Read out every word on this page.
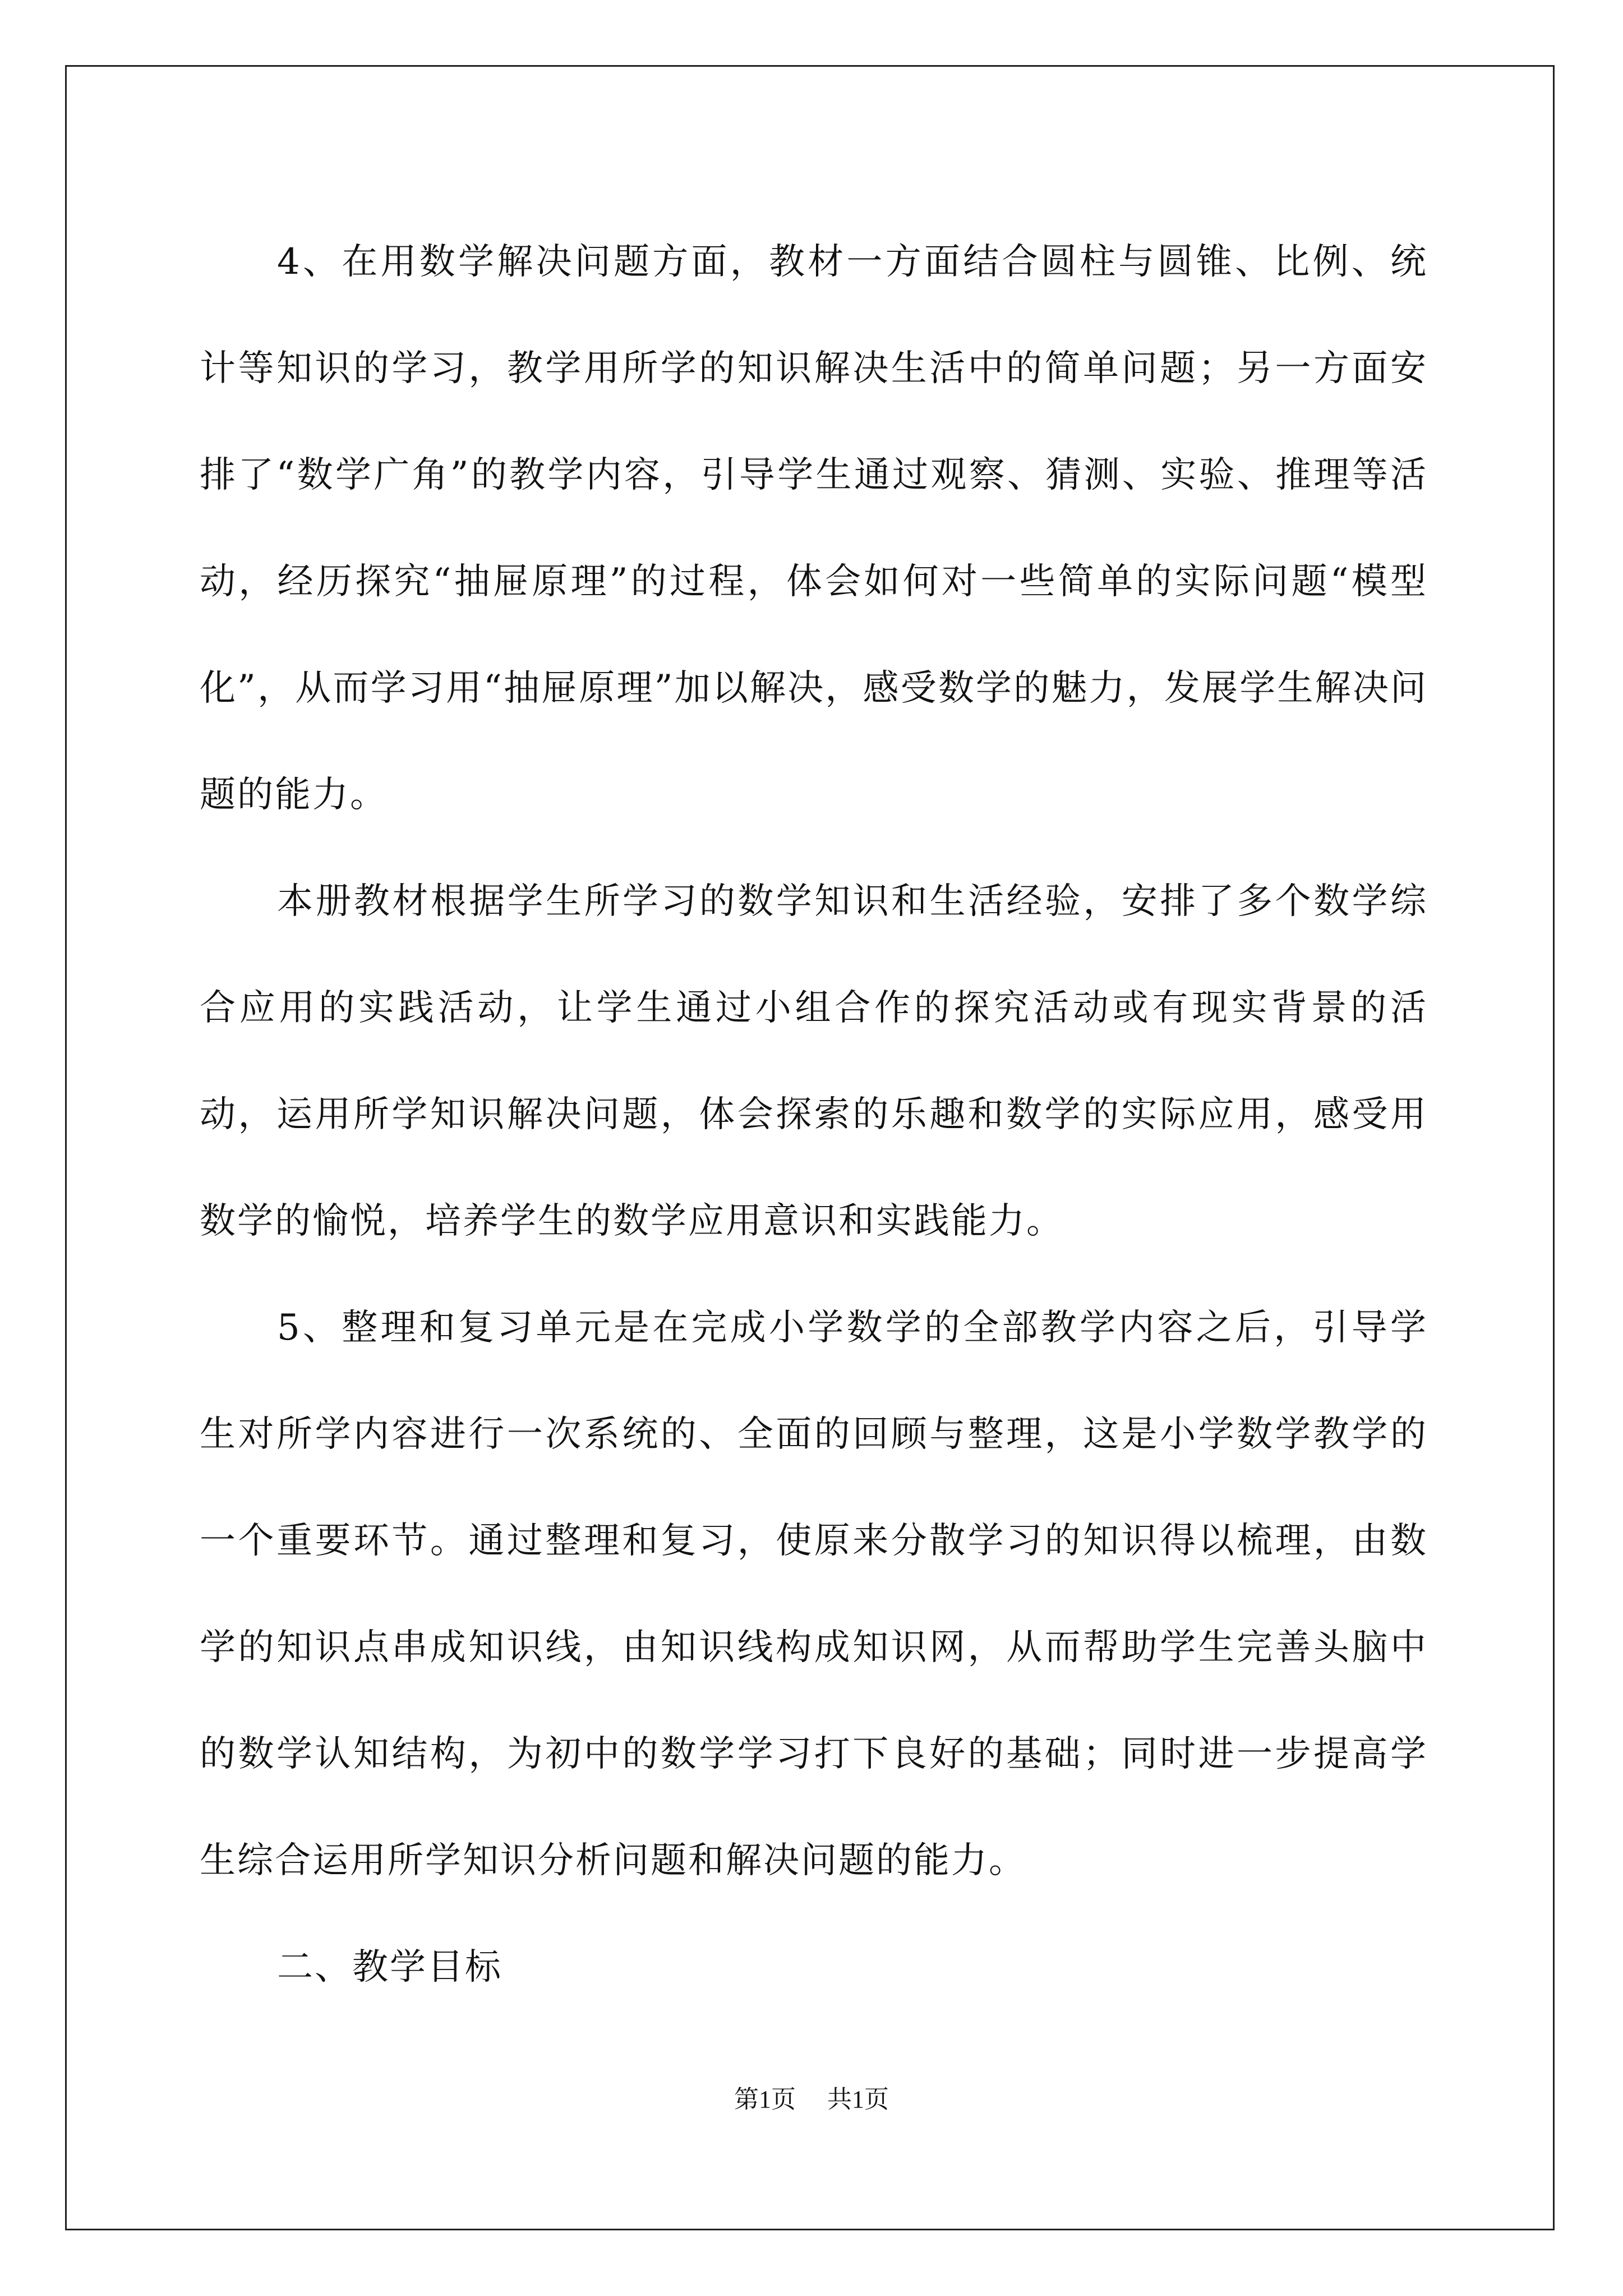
4、在用数学解决问题方面，教材一方面结合圆柱与圆锥、比例、统计等知识的学习，教学用所学的知识解决生活中的简单问题；另一方面安排了“数学广角”的教学内容，引导学生通过观察、猜测、实验、推理等活动，经历探究“抽屉原理”的过程，体会如何对一些简单的实际问题“模型化”，从而学习用“抽屉原理”加以解决，感受数学的魅力，发展学生解决问题的能力。

本册教材根据学生所学习的数学知识和生活经验，安排了多个数学综合应用的实践活动，让学生通过小组合作的探究活动或有现实背景的活动，运用所学知识解决问题，体会探索的乐趣和数学的实际应用，感受用数学的愉悦，培养学生的数学应用意识和实践能力。

5、整理和复习单元是在完成小学数学的全部教学内容之后，引导学生对所学内容进行一次系统的、全面的回顾与整理，这是小学数学教学的一个重要环节。通过整理和复习，使原来分散学习的知识得以梳理，由数学的知识点串成知识线，由知识线构成知识网，从而帮助学生完善头脑中的数学认知结构，为初中的数学学习打下良好的基础；同时进一步提高学生综合运用所学知识分析问题和解决问题的能力。

二、教学目标

第1页 共1页
